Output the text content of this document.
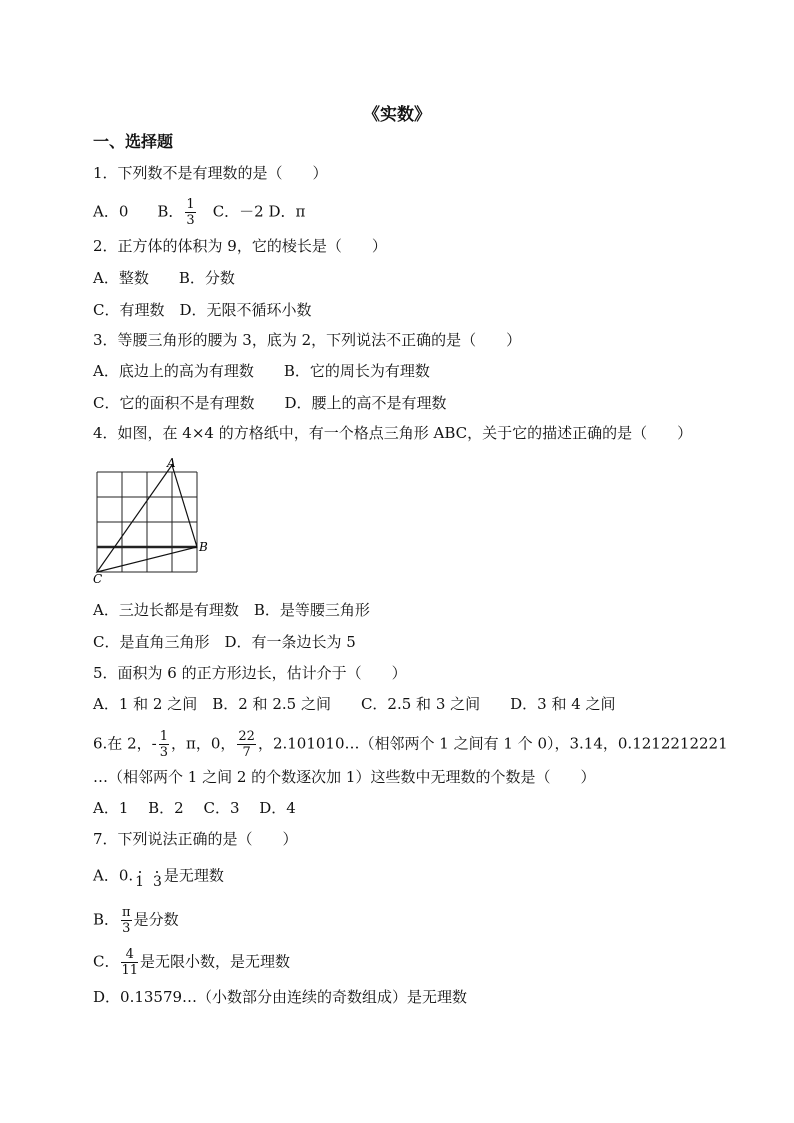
《实数》
一、选择题
1．下列数不是有理数的是（　　）
A．0　B． $\frac{1}{3}$ 　C．－2 D．π
2．正方体的体积为 9，它的棱长是（　　）
A．整数　　B．分数
C．有理数　D．无限不循环小数
3．等腰三角形的腰为 3，底为 2，下列说法不正确的是（　　）
A．底边上的高为有理数　　B．它的周长为有理数
C．它的面积不是有理数　　D．腰上的高不是有理数
4．如图，在 4×4 的方格纸中，有一个格点三角形 ABC，关于它的描述正确的是（　　）
A
B
C
A．三边长都是有理数　B．是等腰三角形
C．是直角三角形　D．有一条边长为 5
5．面积为 6 的正方形边长，估计介于（　　）
A．1 和 2 之间　B．2 和 2.5 之间　　C．2.5 和 3 之间　　D．3 和 4 之间
6.在 2，- $\frac{1}{3}$ ，π，0， $\frac{22}{7}$ ，2.101010…（相邻两个 1 之间有 1 个 0），3.14，0.1212212221
…（相邻两个 1 之间 2 的个数逐次加 1）这些数中无理数的个数是（　　）
A．1　 B．2　 C．3　 D．4
7．下列说法正确的是（　　）
A．0. 1 3 是无理数
B． $\frac{\pi}{3}$ 是分数
C． $\frac{4}{11}$ 是无限小数，是无理数
D．0.13579…（小数部分由连续的奇数组成）是无理数
